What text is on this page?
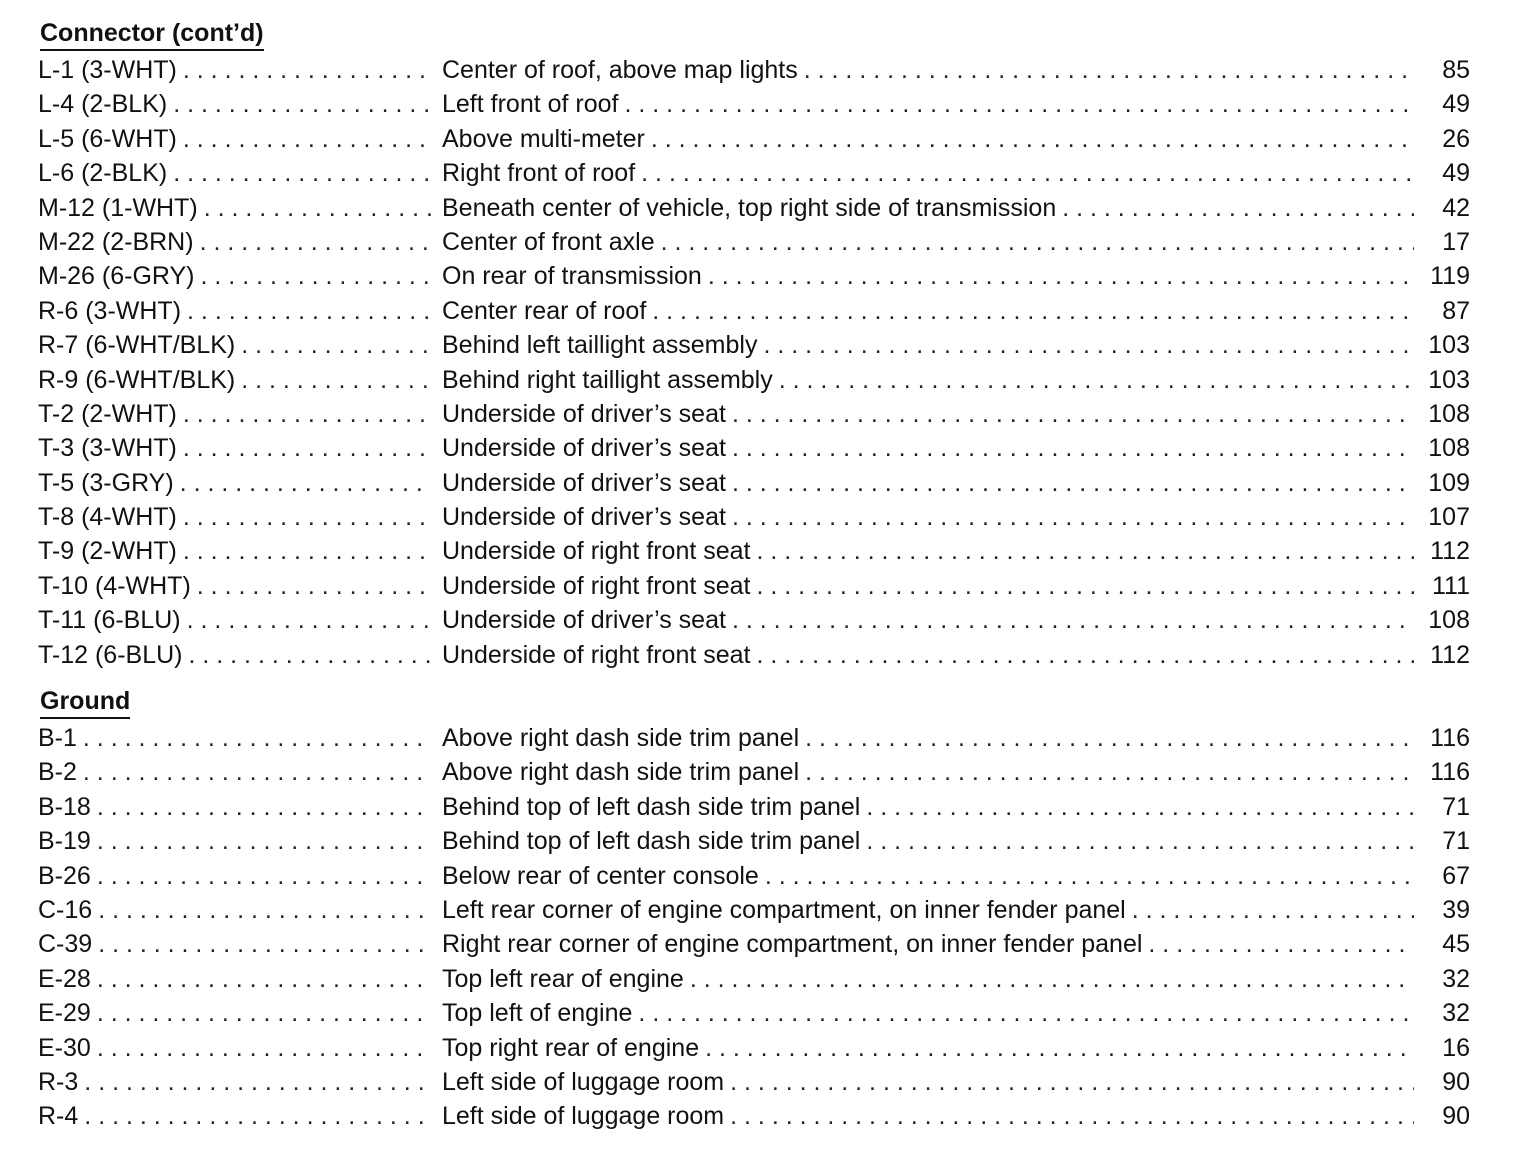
Connector (cont’d)
L-1 (3-WHT) . . .	Center of roof, above map lights . . .	85
L-4 (2-BLK) . . .	Left front of roof . . .	49
L-5 (6-WHT) . . .	Above multi-meter . . .	26
L-6 (2-BLK) . . .	Right front of roof . . .	49
M-12 (1-WHT) . . .	Beneath center of vehicle, top right side of transmission . . .	42
M-22 (2-BRN) . . .	Center of front axle . . .	17
M-26 (6-GRY) . . .	On rear of transmission . . .	119
R-6 (3-WHT) . . .	Center rear of roof . . .	87
R-7 (6-WHT/BLK) . . .	Behind left taillight assembly . . .	103
R-9 (6-WHT/BLK) . . .	Behind right taillight assembly . . .	103
T-2 (2-WHT) . . .	Underside of driver’s seat . . .	108
T-3 (3-WHT) . . .	Underside of driver’s seat . . .	108
T-5 (3-GRY) . . .	Underside of driver’s seat . . .	109
T-8 (4-WHT) . . .	Underside of driver’s seat . . .	107
T-9 (2-WHT) . . .	Underside of right front seat . . .	112
T-10 (4-WHT) . . .	Underside of right front seat . . .	111
T-11 (6-BLU) . . .	Underside of driver’s seat . . .	108
T-12 (6-BLU) . . .	Underside of right front seat . . .	112
Ground
B-1 . . .	Above right dash side trim panel . . .	116
B-2 . . .	Above right dash side trim panel . . .	116
B-18 . . .	Behind top of left dash side trim panel . . .	71
B-19 . . .	Behind top of left dash side trim panel . . .	71
B-26 . . .	Below rear of center console . . .	67
C-16 . . .	Left rear corner of engine compartment, on inner fender panel . . .	39
C-39 . . .	Right rear corner of engine compartment, on inner fender panel . . .	45
E-28 . . .	Top left rear of engine . . .	32
E-29 . . .	Top left of engine . . .	32
E-30 . . .	Top right rear of engine . . .	16
R-3 . . .	Left side of luggage room . . .	90
R-4 . . .	Left side of luggage room . . .	90
